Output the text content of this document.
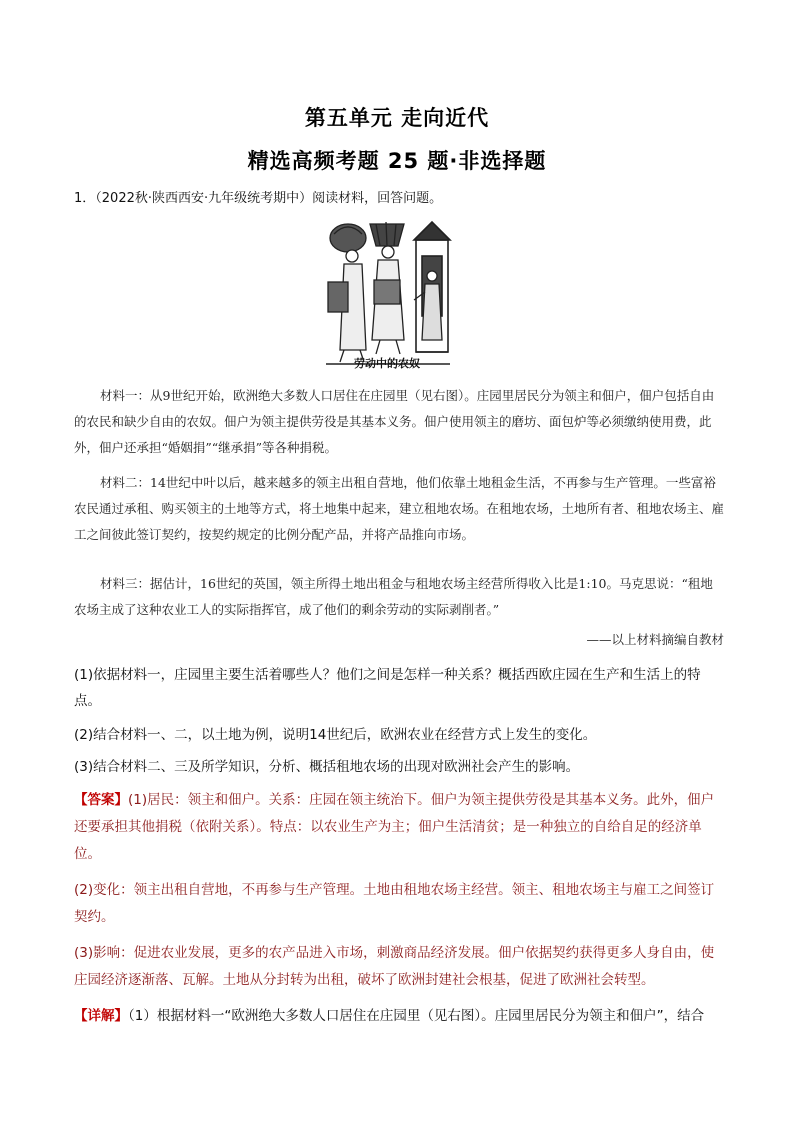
第五单元 走向近代
精选高频考题 25 题·非选择题
1．（2022秋·陕西西安·九年级统考期中）阅读材料，回答问题。
劳动中的农奴
材料一：从9世纪开始，欧洲绝大多数人口居住在庄园里（见右图）。庄园里居民分为领主和佃户，佃户包括自由的农民和缺少自由的农奴。佃户为领主提供劳役是其基本义务。佃户使用领主的磨坊、面包炉等必须缴纳使用费，此外，佃户还承担“婚姻捐”“继承捐”等各种捐税。
材料二：14世纪中叶以后，越来越多的领主出租自营地，他们依靠土地租金生活，不再参与生产管理。一些富裕农民通过承租、购买领主的土地等方式，将土地集中起来，建立租地农场。在租地农场，土地所有者、租地农场主、雇工之间彼此签订契约，按契约规定的比例分配产品，并将产品推向市场。
材料三：据估计，16世纪的英国，领主所得土地出租金与租地农场主经营所得收入比是1:10。马克思说：“租地农场主成了这种农业工人的实际指挥官，成了他们的剩余劳动的实际剥削者。”
——以上材料摘编自教材
(1)依据材料一，庄园里主要生活着哪些人？他们之间是怎样一种关系？概括西欧庄园在生产和生活上的特点。
(2)结合材料一、二，以土地为例，说明14世纪后，欧洲农业在经营方式上发生的变化。
(3)结合材料二、三及所学知识，分析、概括租地农场的出现对欧洲社会产生的影响。
【答案】(1)居民：领主和佃户。关系：庄园在领主统治下。佃户为领主提供劳役是其基本义务。此外，佃户还要承担其他捐税（依附关系）。特点：以农业生产为主；佃户生活清贫；是一种独立的自给自足的经济单位。
(2)变化：领主出租自营地，不再参与生产管理。土地由租地农场主经营。领主、租地农场主与雇工之间签订契约。
(3)影响：促进农业发展，更多的农产品进入市场，刺激商品经济发展。佃户依据契约获得更多人身自由，使庄园经济逐渐落、瓦解。土地从分封转为出租，破坏了欧洲封建社会根基，促进了欧洲社会转型。
【详解】（1）根据材料一“欧洲绝大多数人口居住在庄园里（见右图）。庄园里居民分为领主和佃户”，结合
